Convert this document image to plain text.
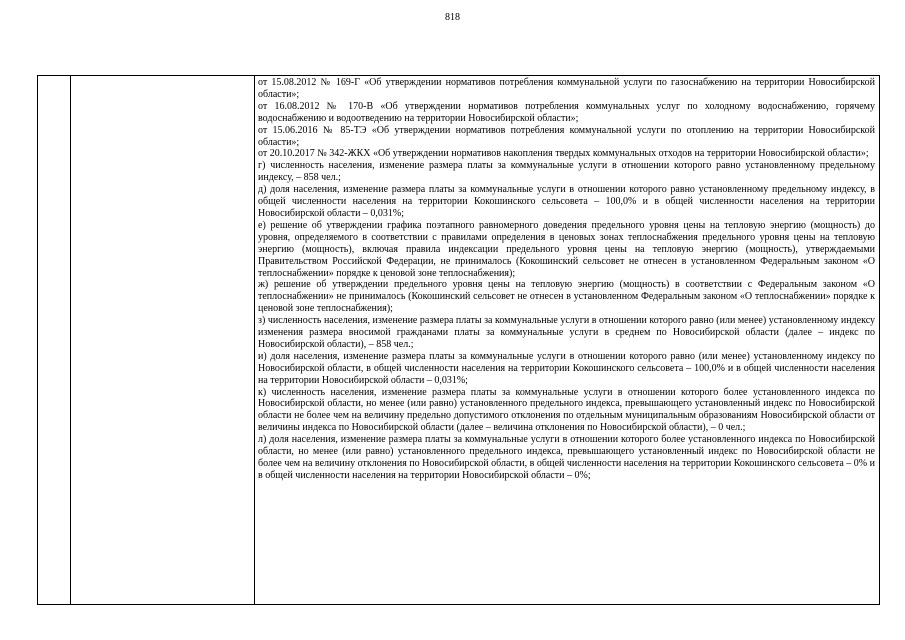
818

от 15.08.2012 № 169-Г «Об утверждении нормативов потребления коммунальной услуги по газоснабжению на территории Новосибирской области»;

от 16.08.2012 № 170-В «Об утверждении нормативов потребления коммунальных услуг по холодному водоснабжению, горячему водоснабжению и водоотведению на территории Новосибирской области»;

от 15.06.2016 № 85-ТЭ «Об утверждении нормативов потребления коммунальной услуги по отоплению на территории Новосибирской области»;

от 20.10.2017 № 342-ЖКХ «Об утверждении нормативов накопления твердых коммунальных отходов на территории Новосибирской области»;

г) численность населения, изменение размера платы за коммунальные услуги в отношении которого равно установленному предельному индексу, – 858 чел.;

д) доля населения, изменение размера платы за коммунальные услуги в отношении которого равно установленному предельному индексу, в общей численности населения на территории Кокошинского сельсовета – 100,0% и в общей численности населения на территории Новосибирской области – 0,031%;

е) решение об утверждении графика поэтапного равномерного доведения предельного уровня цены на тепловую энергию (мощность) до уровня, определяемого в соответствии с правилами определения в ценовых зонах теплоснабжения предельного уровня цены на тепловую энергию (мощность), включая правила индексации предельного уровня цены на тепловую энергию (мощность), утверждаемыми Правительством Российской Федерации, не принималось (Кокошинский сельсовет не отнесен в установленном Федеральным законом «О теплоснабжении» порядке к ценовой зоне теплоснабжения);

ж) решение об утверждении предельного уровня цены на тепловую энергию (мощность) в соответствии с Федеральным законом «О теплоснабжении» не принималось (Кокошинский сельсовет не отнесен в установленном Федеральным законом «О теплоснабжении» порядке к ценовой зоне теплоснабжения);

з) численность населения, изменение размера платы за коммунальные услуги в отношении которого равно (или менее) установленному индексу изменения размера вносимой гражданами платы за коммунальные услуги в среднем по Новосибирской области (далее – индекс по Новосибирской области), – 858 чел.;

и) доля населения, изменение размера платы за коммунальные услуги в отношении которого равно (или менее) установленному индексу по Новосибирской области, в общей численности населения на территории Кокошинского сельсовета – 100,0% и в общей численности населения на территории Новосибирской области – 0,031%;

к) численность населения, изменение размера платы за коммунальные услуги в отношении которого более установленного индекса по Новосибирской области, но менее (или равно) установленного предельного индекса, превышающего установленный индекс по Новосибирской области не более чем на величину предельно допустимого отклонения по отдельным муниципальным образованиям Новосибирской области от величины индекса по Новосибирской области (далее – величина отклонения по Новосибирской области), – 0 чел.;

л) доля населения, изменение размера платы за коммунальные услуги в отношении которого более установленного индекса по Новосибирской области, но менее (или равно) установленного предельного индекса, превышающего установленный индекс по Новосибирской области не более чем на величину отклонения по Новосибирской области, в общей численности населения на территории Кокошинского сельсовета – 0% и в общей численности населения на территории Новосибирской области – 0%;
